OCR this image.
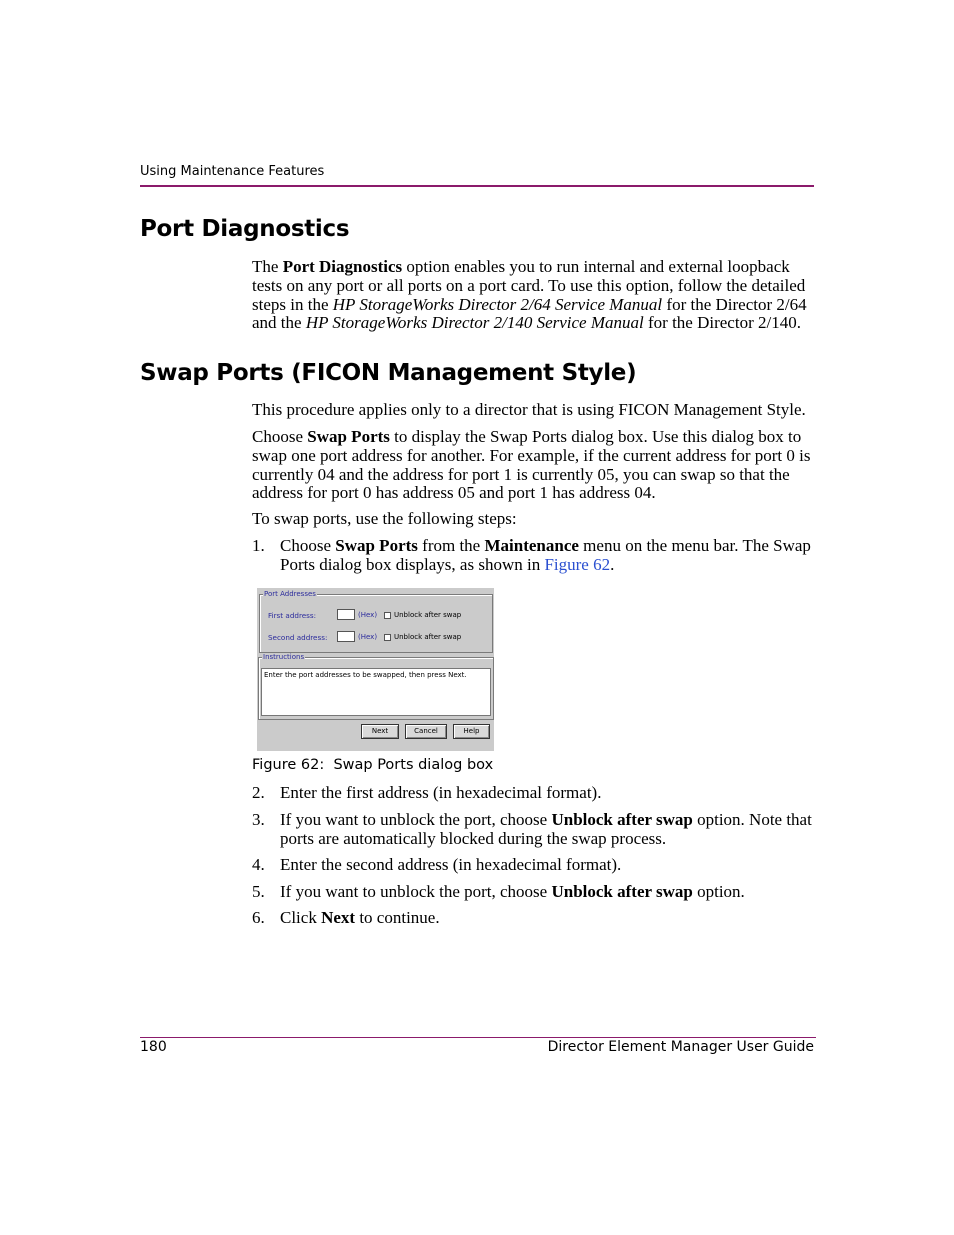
Using Maintenance Features
Port Diagnostics
The Port Diagnostics option enables you to run internal and external loopback tests on any port or all ports on a port card. To use this option, follow the detailed steps in the HP StorageWorks Director 2/64 Service Manual for the Director 2/64 and the HP StorageWorks Director 2/140 Service Manual for the Director 2/140.
Swap Ports (FICON Management Style)
This procedure applies only to a director that is using FICON Management Style.
Choose Swap Ports to display the Swap Ports dialog box. Use this dialog box to swap one port address for another. For example, if the current address for port 0 is currently 04 and the address for port 1 is currently 05, you can swap so that the address for port 0 has address 05 and port 1 has address 04.
To swap ports, use the following steps:
1. Choose Swap Ports from the Maintenance menu on the menu bar. The Swap Ports dialog box displays, as shown in Figure 62.
Port Addresses
First address:	(Hex) Unblock after swap
Second address:	(Hex) Unblock after swap
Instructions
Enter the port addresses to be swapped, then press Next.
Next	Cancel	Help
Figure 62: Swap Ports dialog box
2. Enter the first address (in hexadecimal format).
3. If you want to unblock the port, choose Unblock after swap option. Note that ports are automatically blocked during the swap process.
4. Enter the second address (in hexadecimal format).
5. If you want to unblock the port, choose Unblock after swap option.
6. Click Next to continue.
180	Director Element Manager User Guide
